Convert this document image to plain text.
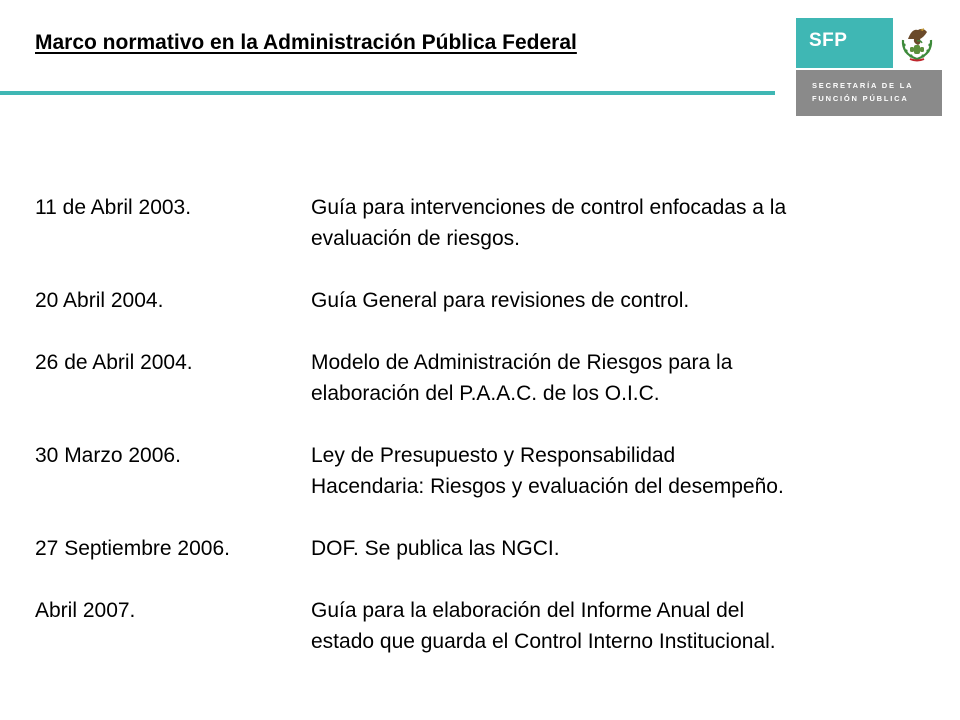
Marco normativo en la Administración Pública Federal	SFP
SECRETARÍA DE LA
FUNCIÓN PÚBLICA
11 de Abril 2003.	Guía para intervenciones de control enfocadas a la
evaluación de riesgos.
20 Abril 2004.	Guía General para revisiones de control.
26 de Abril 2004.	Modelo de Administración de Riesgos para la
elaboración del P.A.A.C. de los O.I.C.
30 Marzo 2006.	Ley de Presupuesto y Responsabilidad
Hacendaria: Riesgos y evaluación del desempeño.
27 Septiembre 2006.	DOF. Se publica las NGCI.
Abril 2007.	Guía para la elaboración del Informe Anual del
estado que guarda el Control Interno Institucional.
